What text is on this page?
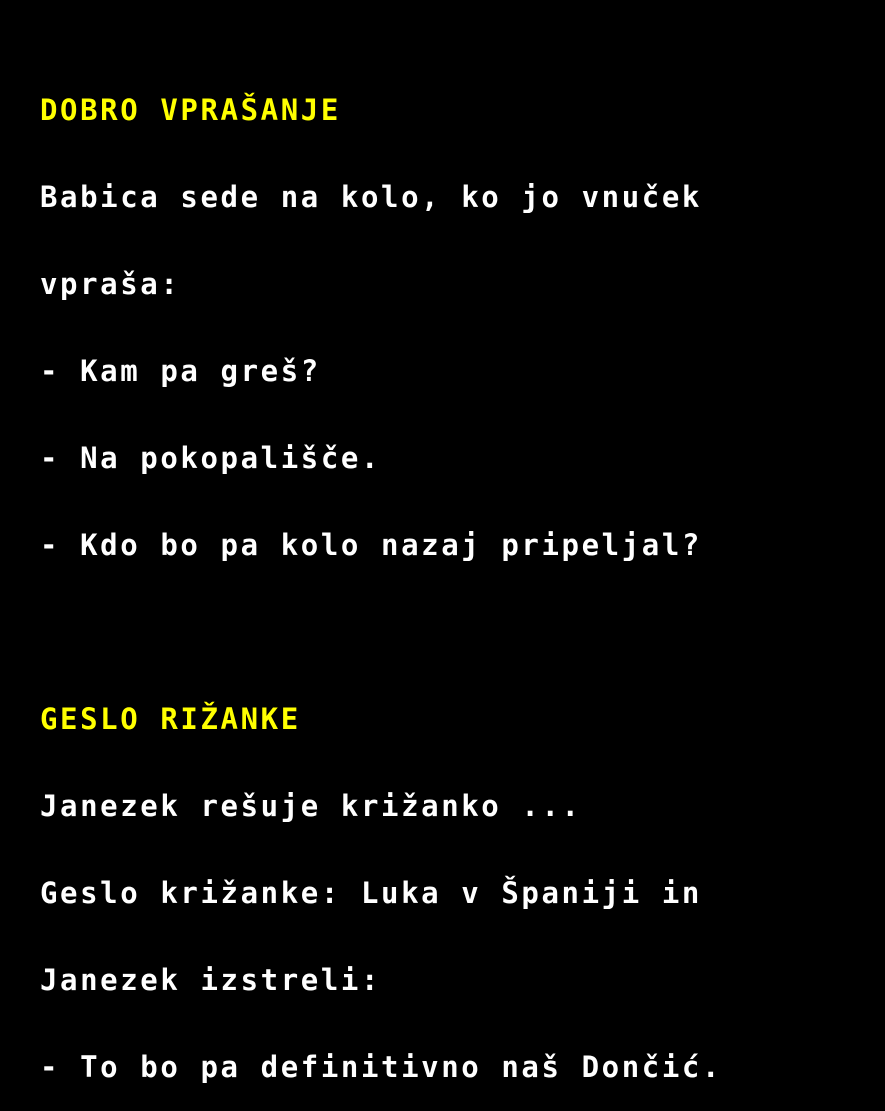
DOBRO VPRAŠANJE

Babica sede na kolo, ko jo vnuček

vpraša:

- Kam pa greš?

- Na pokopališče.

- Kdo bo pa kolo nazaj pripeljal?

GESLO RIŽANKE

Janezek rešuje križanko ...

Geslo križanke: Luka v Španiji in

Janezek izstreli:

- To bo pa definitivno naš Dončić.
